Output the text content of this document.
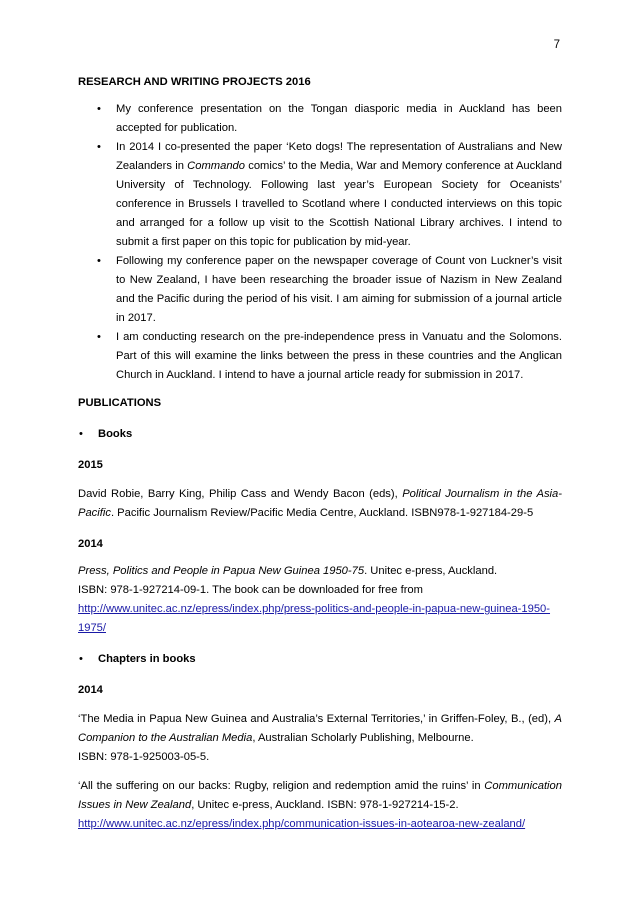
7
RESEARCH AND WRITING PROJECTS 2016
• My conference presentation on the Tongan diasporic media in Auckland has been accepted for publication.
• In 2014 I co-presented the paper ‘Keto dogs! The representation of Australians and New Zealanders in Commando comics’ to the Media, War and Memory conference at Auckland University of Technology. Following last year’s European Society for Oceanists’ conference in Brussels I travelled to Scotland where I conducted interviews on this topic and arranged for a follow up visit to the Scottish National Library archives. I intend to submit a first paper on this topic for publication by mid-year.
• Following my conference paper on the newspaper coverage of Count von Luckner’s visit to New Zealand, I have been researching the broader issue of Nazism in New Zealand and the Pacific during the period of his visit. I am aiming for submission of a journal article in 2017.
• I am conducting research on the pre-independence press in Vanuatu and the Solomons. Part of this will examine the links between the press in these countries and the Anglican Church in Auckland. I intend to have a journal article ready for submission in 2017.
PUBLICATIONS
• Books
2015

David Robie, Barry King, Philip Cass and Wendy Bacon (eds), Political Journalism in the Asia-Pacific. Pacific Journalism Review/Pacific Media Centre, Auckland. ISBN978-1-927184-29-5

2014

Press, Politics and People in Papua New Guinea 1950-75. Unitec e-press, Auckland.
ISBN: 978-1-927214-09-1. The book can be downloaded for free from
http://www.unitec.ac.nz/epress/index.php/press-politics-and-people-in-papua-new-guinea-1950-1975/

• Chapters in books
2014

‘The Media in Papua New Guinea and Australia’s External Territories,’ in Griffen-Foley, B., (ed), A Companion to the Australian Media, Australian Scholarly Publishing, Melbourne.
ISBN: 978-1-925003-05-5.

‘All the suffering on our backs: Rugby, religion and redemption amid the ruins’ in Communication Issues in New Zealand, Unitec e-press, Auckland. ISBN: 978-1-927214-15-2.
http://www.unitec.ac.nz/epress/index.php/communication-issues-in-aotearoa-new-zealand/
